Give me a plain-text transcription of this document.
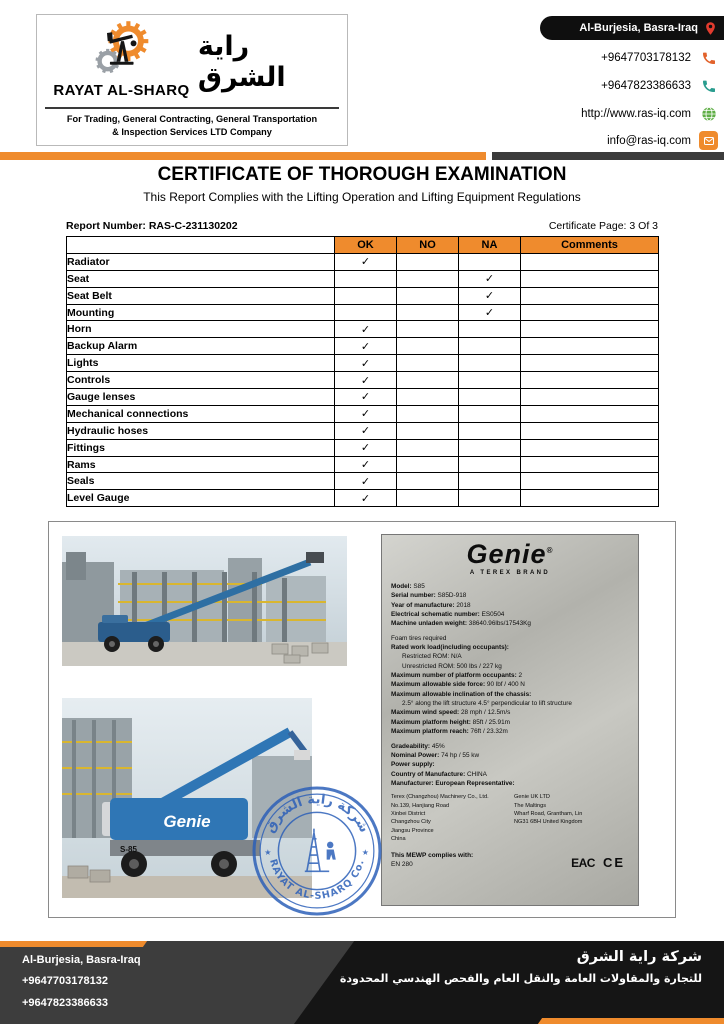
RAYAT AL-SHARQ
راية الشرق
For Trading, General Contracting, General Transportation
& Inspection Services LTD Company
Al-Burjesia, Basra-Iraq
+9647703178132
+9647823386633
http://www.ras-iq.com
info@ras-iq.com
CERTIFICATE OF THOROUGH EXAMINATION
This Report Complies with the Lifting Operation and Lifting Equipment Regulations
Report Number: RAS-C-231130202	Certificate Page: 3 Of 3
	OK	NO	NA	Comments
Radiator	✓			
Seat			✓	
Seat Belt			✓	
Mounting			✓	
Horn	✓			
Backup Alarm	✓			
Lights	✓			
Controls	✓			
Gauge lenses	✓			
Mechanical connections	✓			
Hydraulic hoses	✓			
Fittings	✓			
Rams	✓			
Seals	✓			
Level Gauge	✓			
Genie
S-85
Genie®
A TEREX BRAND
Model: S85
Serial number: S85D-918
Year of manufacture: 2018
Electrical schematic number: ES0504
Machine unladen weight: 38640.96lbs/17543Kg
Foam tires required
Rated work load(including occupants):
Restricted ROM: N/A
Unrestricted ROM: 500 lbs / 227 kg
Maximum number of platform occupants: 2
Maximum allowable side force: 90 lbf / 400 N
Maximum allowable inclination of the chassis:
2.5° along the lift structure 4.5° perpendicular to lift structure
Maximum wind speed: 28 mph / 12.5m/s
Maximum platform height: 85ft / 25.91m
Maximum platform reach: 76ft / 23.32m
Gradeability: 45%
Nominal Power: 74 hp / 55 kw
Power supply:
Country of Manufacture: CHINA
Manufacturer: European Representative:
Terex (Changzhou) Machinery Co., Ltd.
No.139, Hanjiang Road
Xinbei District
Changzhou City
Jiangsu Province
China
Genie UK LTD
The Maltings
Wharf Road, Grantham, Lin
NG31 6BH United Kingdom
This MEWP complies with:
EN 280	EAC CE
شركة راية الشرق
RAYAT AL-SHARQ Co.
★	★
Al-Burjesia, Basra-Iraq
+9647703178132
+9647823386633
شركة راية الشرق
للتجارة والمقاولات العامة والنقل العام والفحص الهندسي المحدودة
